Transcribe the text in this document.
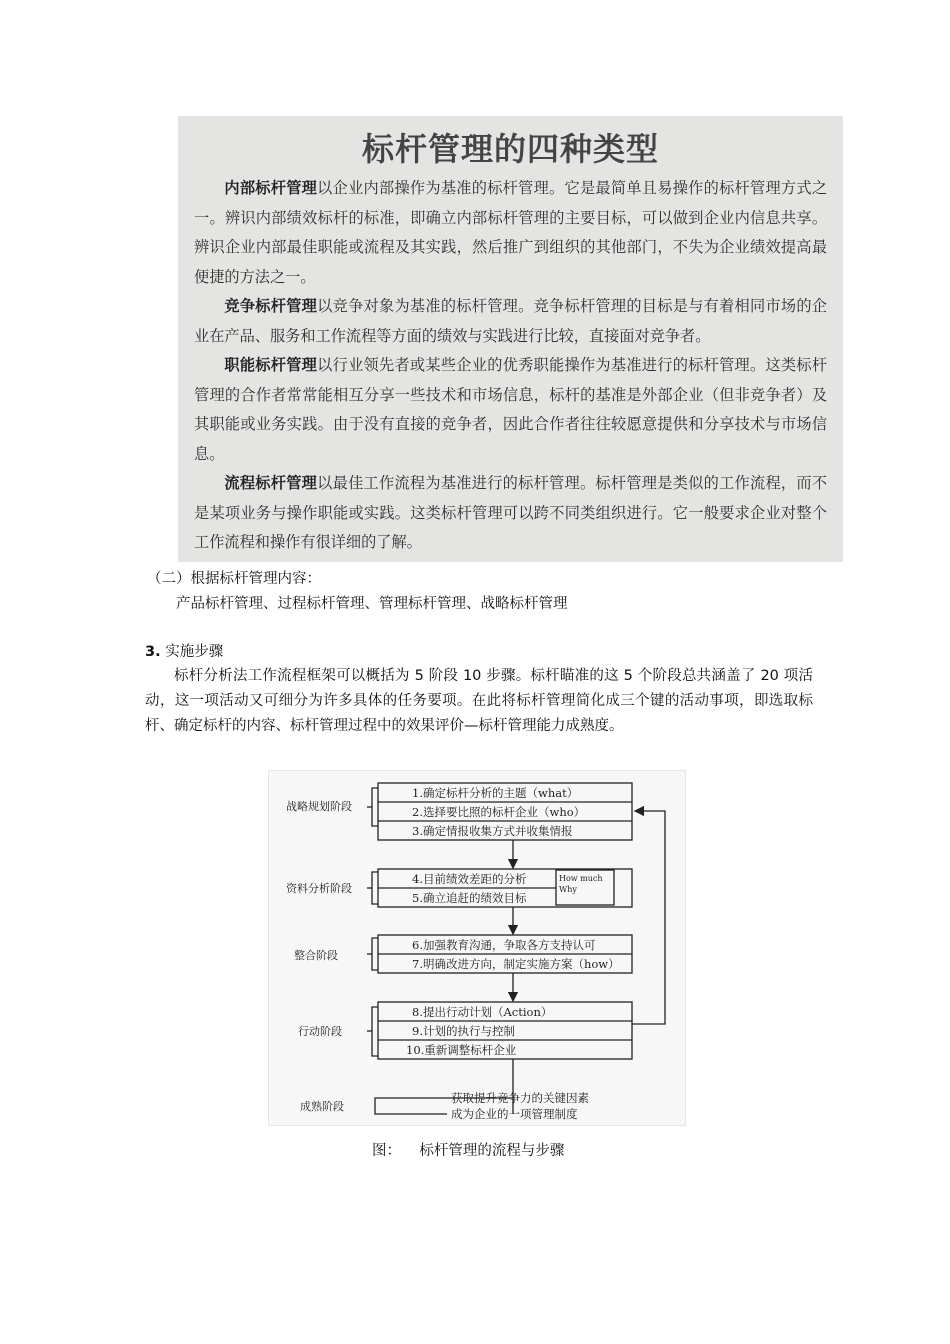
标杆管理的四种类型

内部标杆管理以企业内部操作为基准的标杆管理。它是最简单且易操作的标杆管理方式之一。辨识内部绩效标杆的标准，即确立内部标杆管理的主要目标，可以做到企业内信息共享。辨识企业内部最佳职能或流程及其实践，然后推广到组织的其他部门，不失为企业绩效提高最便捷的方法之一。

竞争标杆管理以竞争对象为基准的标杆管理。竞争标杆管理的目标是与有着相同市场的企业在产品、服务和工作流程等方面的绩效与实践进行比较，直接面对竞争者。

职能标杆管理以行业领先者或某些企业的优秀职能操作为基准进行的标杆管理。这类标杆管理的合作者常常能相互分享一些技术和市场信息，标杆的基准是外部企业（但非竞争者）及其职能或业务实践。由于没有直接的竞争者，因此合作者往往较愿意提供和分享技术与市场信息。

流程标杆管理以最佳工作流程为基准进行的标杆管理。标杆管理是类似的工作流程，而不是某项业务与操作职能或实践。这类标杆管理可以跨不同类组织进行。它一般要求企业对整个工作流程和操作有很详细的了解。

（二）根据标杆管理内容：
产品标杆管理、过程标杆管理、管理标杆管理、战略标杆管理
3. 实施步骤
标杆分析法工作流程框架可以概括为 5 阶段 10 步骤。标杆瞄准的这 5 个阶段总共涵盖了 20 项活动，这一项活动又可细分为许多具体的任务要项。在此将标杆管理简化成三个键的活动事项，即选取标杆、确定标杆的内容、标杆管理过程中的效果评价—标杆管理能力成熟度。
战略规划阶段
资料分析阶段
整合阶段
行动阶段
成熟阶段
1.确定标杆分析的主题（what）
2.选择要比照的标杆企业（who）
3.确定情报收集方式并收集情报
4.目前绩效差距的分析
5.确立追赶的绩效目标
6.加强教育沟通，争取各方支持认可
7.明确改进方向，制定实施方案（how）
8.提出行动计划（Action）
9.计划的执行与控制
10.重新调整标杆企业
How much
Why
获取提升竞争力的关键因素
成为企业的一项管理制度
图：    标杆管理的流程与步骤
